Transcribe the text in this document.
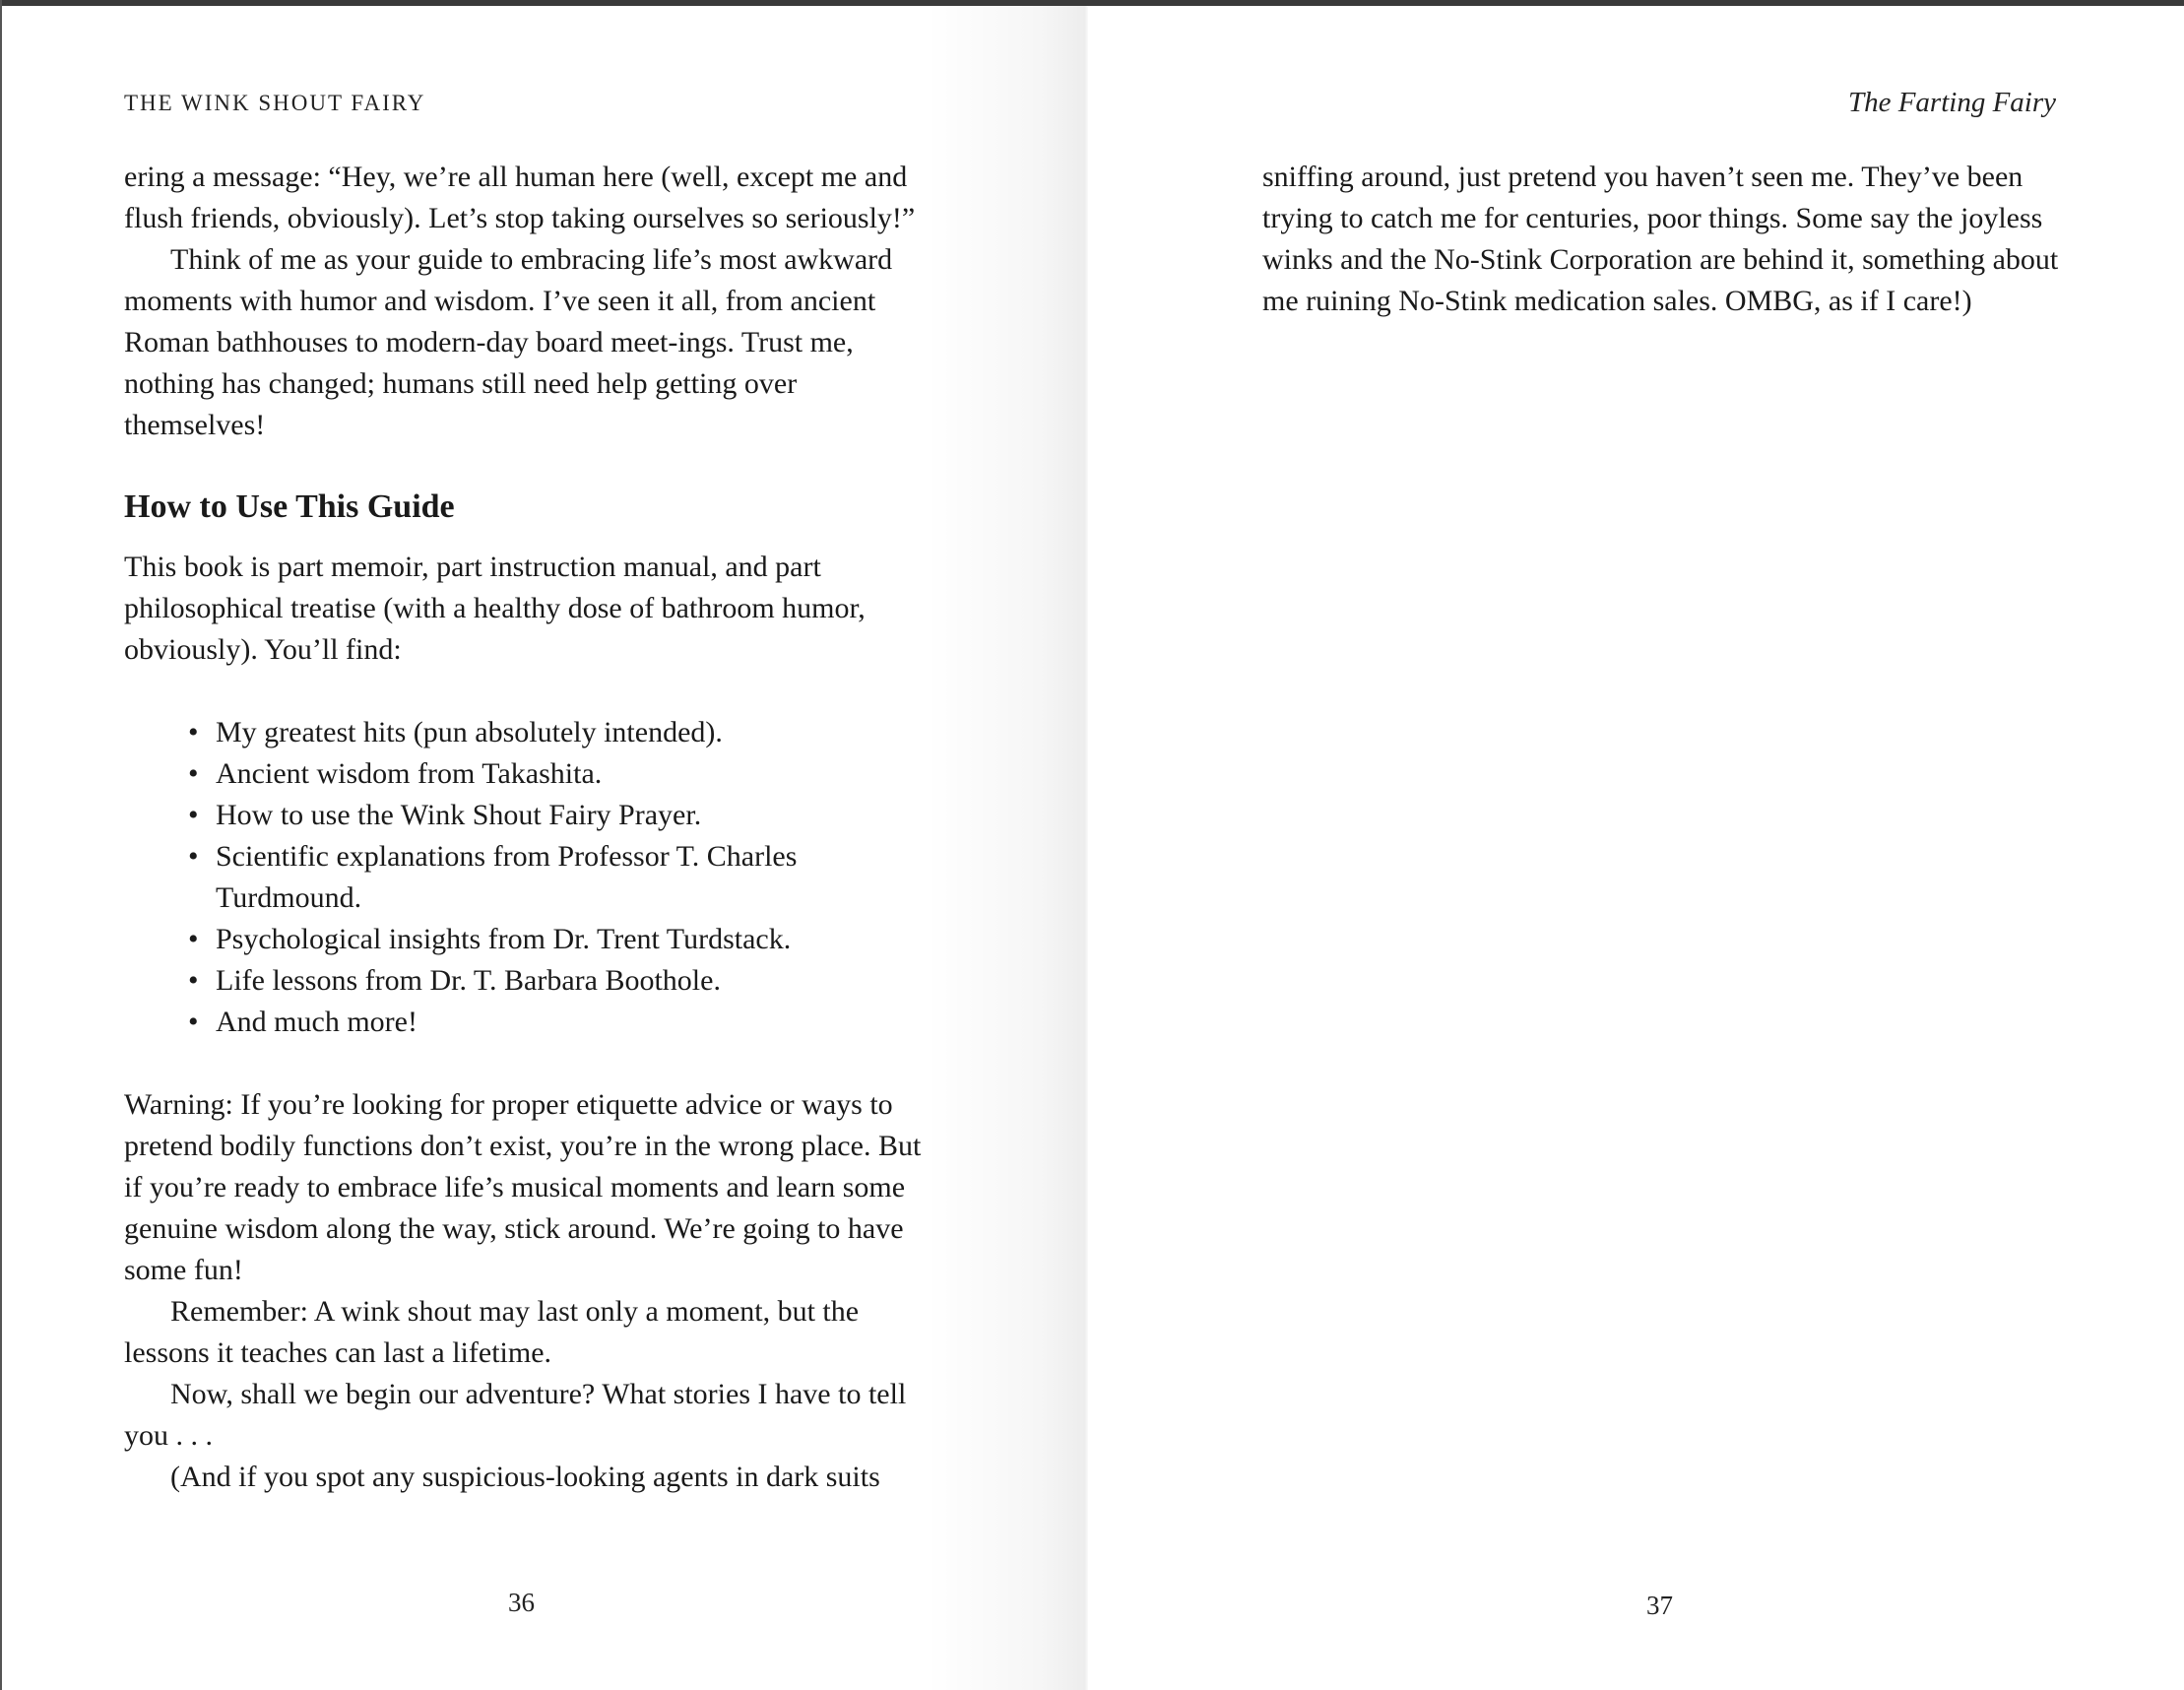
THE WINK SHOUT FAIRY

ering a message: “Hey, we’re all human here (well, except me and flush friends, obviously). Let’s stop taking ourselves so seriously!”

Think of me as your guide to embracing life’s most awkward moments with humor and wisdom. I’ve seen it all, from ancient Roman bathhouses to modern-day board meet-ings. Trust me, nothing has changed; humans still need help getting over themselves!

How to Use This Guide

This book is part memoir, part instruction manual, and part philosophical treatise (with a healthy dose of bathroom humor, obviously). You’ll find:

• My greatest hits (pun absolutely intended).
• Ancient wisdom from Takashita.
• How to use the Wink Shout Fairy Prayer.
• Scientific explanations from Professor T. Charles Turdmound.
• Psychological insights from Dr. Trent Turdstack.
• Life lessons from Dr. T. Barbara Boothole.
• And much more!

Warning: If you’re looking for proper etiquette advice or ways to pretend bodily functions don’t exist, you’re in the wrong place. But if you’re ready to embrace life’s musical moments and learn some genuine wisdom along the way, stick around. We’re going to have some fun!

Remember: A wink shout may last only a moment, but the lessons it teaches can last a lifetime.

Now, shall we begin our adventure? What stories I have to tell you . . .

(And if you spot any suspicious-looking agents in dark suits

36
The Farting Fairy

sniffing around, just pretend you haven’t seen me. They’ve been trying to catch me for centuries, poor things. Some say the joyless winks and the No-Stink Corporation are behind it, something about me ruining No-Stink medication sales. OMBG, as if I care!)

37
